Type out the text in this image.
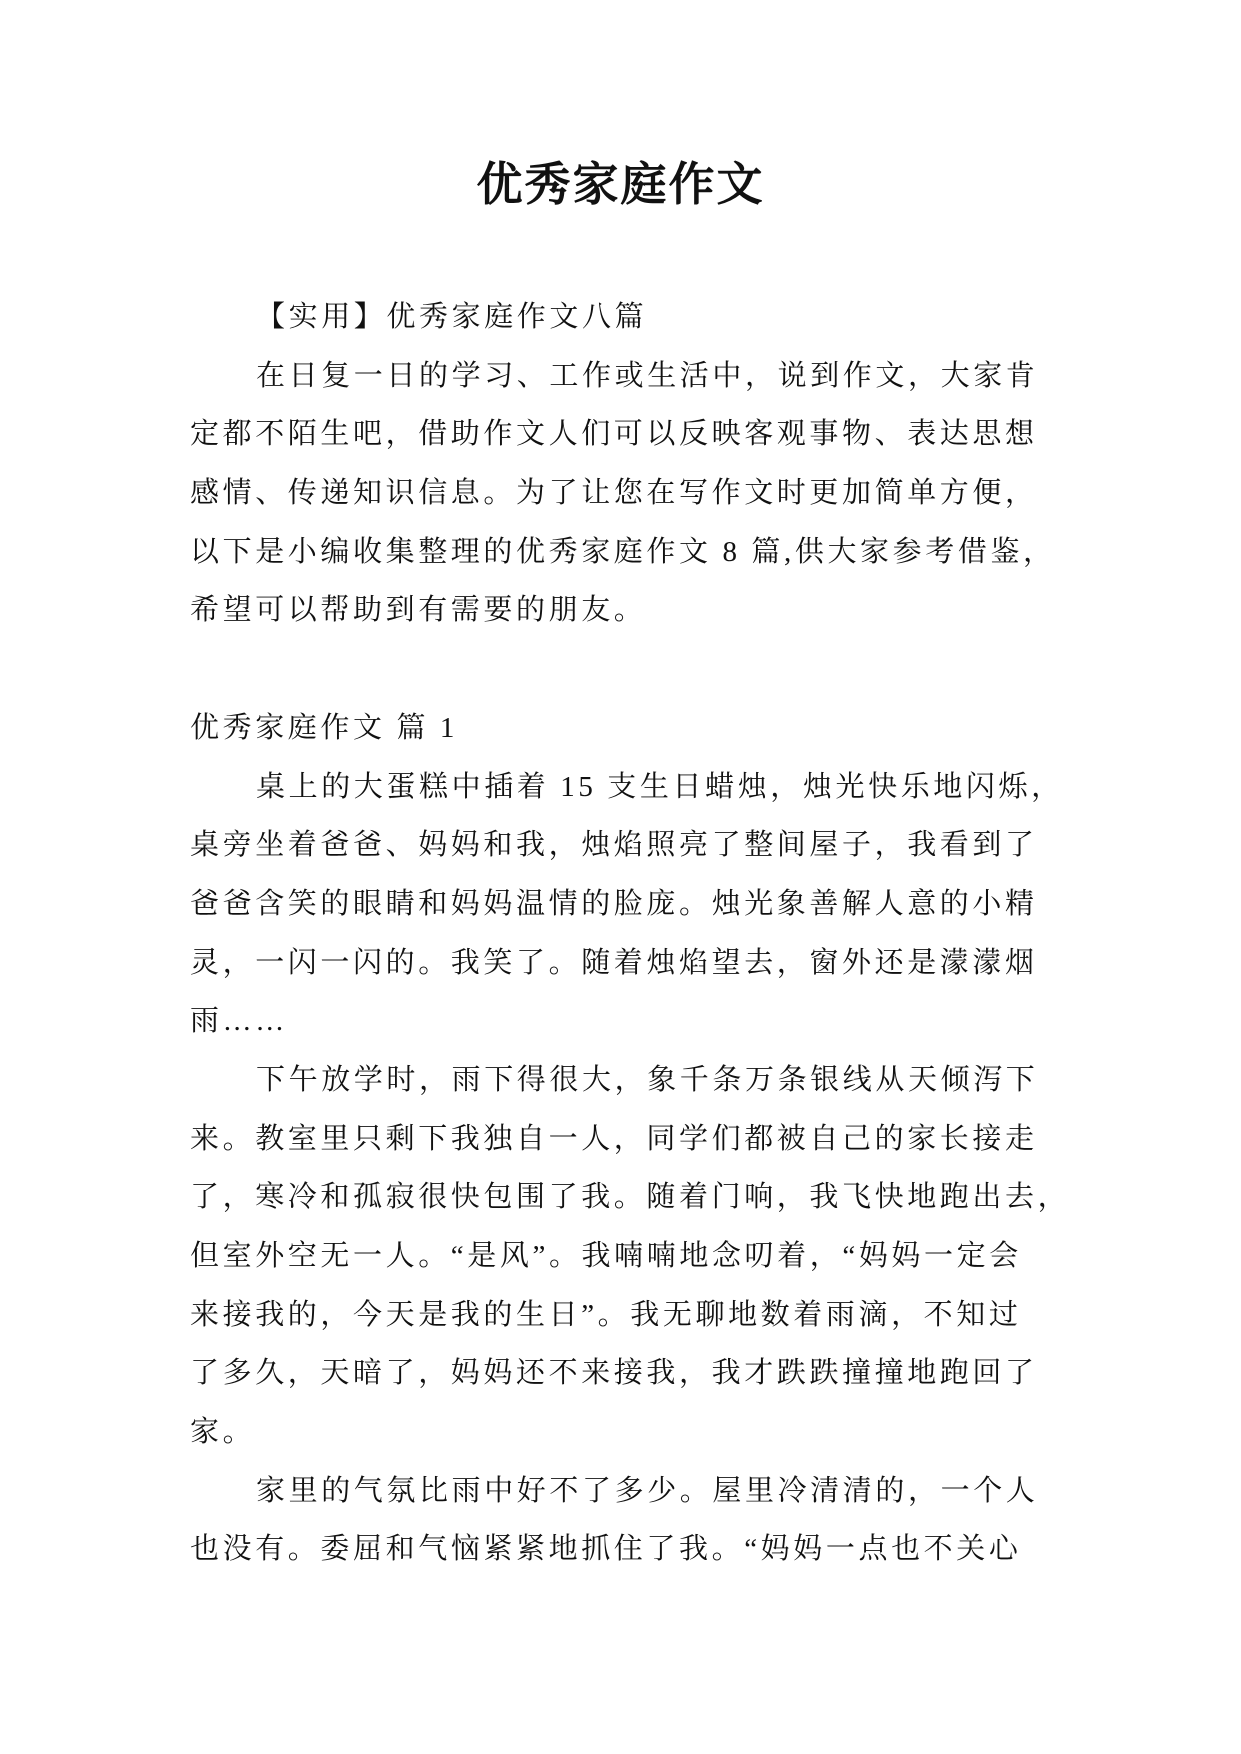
优秀家庭作文
【实用】优秀家庭作文八篇
在日复一日的学习、工作或生活中，说到作文，大家肯
定都不陌生吧，借助作文人们可以反映客观事物、表达思想
感情、传递知识信息。为了让您在写作文时更加简单方便，
以下是小编收集整理的优秀家庭作文 8 篇,供大家参考借鉴，
希望可以帮助到有需要的朋友。
优秀家庭作文 篇 1
桌上的大蛋糕中插着 15 支生日蜡烛，烛光快乐地闪烁，
桌旁坐着爸爸、妈妈和我，烛焰照亮了整间屋子，我看到了
爸爸含笑的眼睛和妈妈温情的脸庞。烛光象善解人意的小精
灵，一闪一闪的。我笑了。随着烛焰望去，窗外还是濛濛烟
雨……
下午放学时，雨下得很大，象千条万条银线从天倾泻下
来。教室里只剩下我独自一人，同学们都被自己的家长接走
了，寒冷和孤寂很快包围了我。随着门响，我飞快地跑出去，
但室外空无一人。“是风”。我喃喃地念叨着，“妈妈一定会
来接我的，今天是我的生日”。我无聊地数着雨滴，不知过
了多久，天暗了，妈妈还不来接我，我才跌跌撞撞地跑回了
家。
家里的气氛比雨中好不了多少。屋里冷清清的，一个人
也没有。委屈和气恼紧紧地抓住了我。“妈妈一点也不关心
